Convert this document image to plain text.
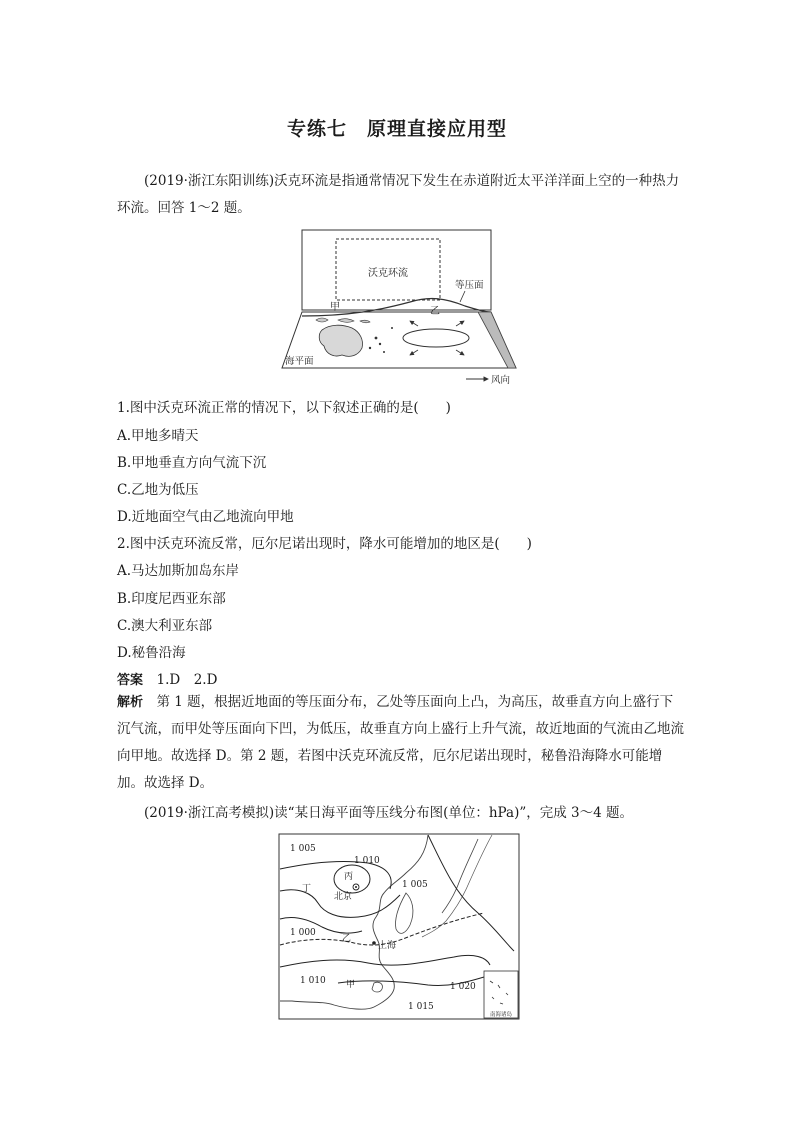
专练七　原理直接应用型
(2019·浙江东阳训练)沃克环流是指通常情况下发生在赤道附近太平洋洋面上空的一种热力环流。回答 1～2 题。
沃克环流
等压面
甲	乙
海平面
风向
1.图中沃克环流正常的情况下，以下叙述正确的是(　　)
A.甲地多晴天
B.甲地垂直方向气流下沉
C.乙地为低压
D.近地面空气由乙地流向甲地
2.图中沃克环流反常，厄尔尼诺出现时，降水可能增加的地区是(　　)
A.马达加斯加岛东岸
B.印度尼西亚东部
C.澳大利亚东部
D.秘鲁沿海
答案　 1.D　2.D
解析　 第 1 题，根据近地面的等压面分布，乙处等压面向上凸，为高压，故垂直方向上盛行下沉气流，而甲处等压面向下凹，为低压，故垂直方向上盛行上升气流，故近地面的气流由乙地流向甲地。故选择 D。第 2 题，若图中沃克环流反常，厄尔尼诺出现时，秘鲁沿海降水可能增加。故选择 D。
(2019·浙江高考模拟)读“某日海平面等压线分布图(单位：hPa)”，完成 3～4 题。
1 005
1 010
丙
北京
1 005
丁
1 000
乙
上海
1 010 甲	1 020
1 015
南海诸岛
